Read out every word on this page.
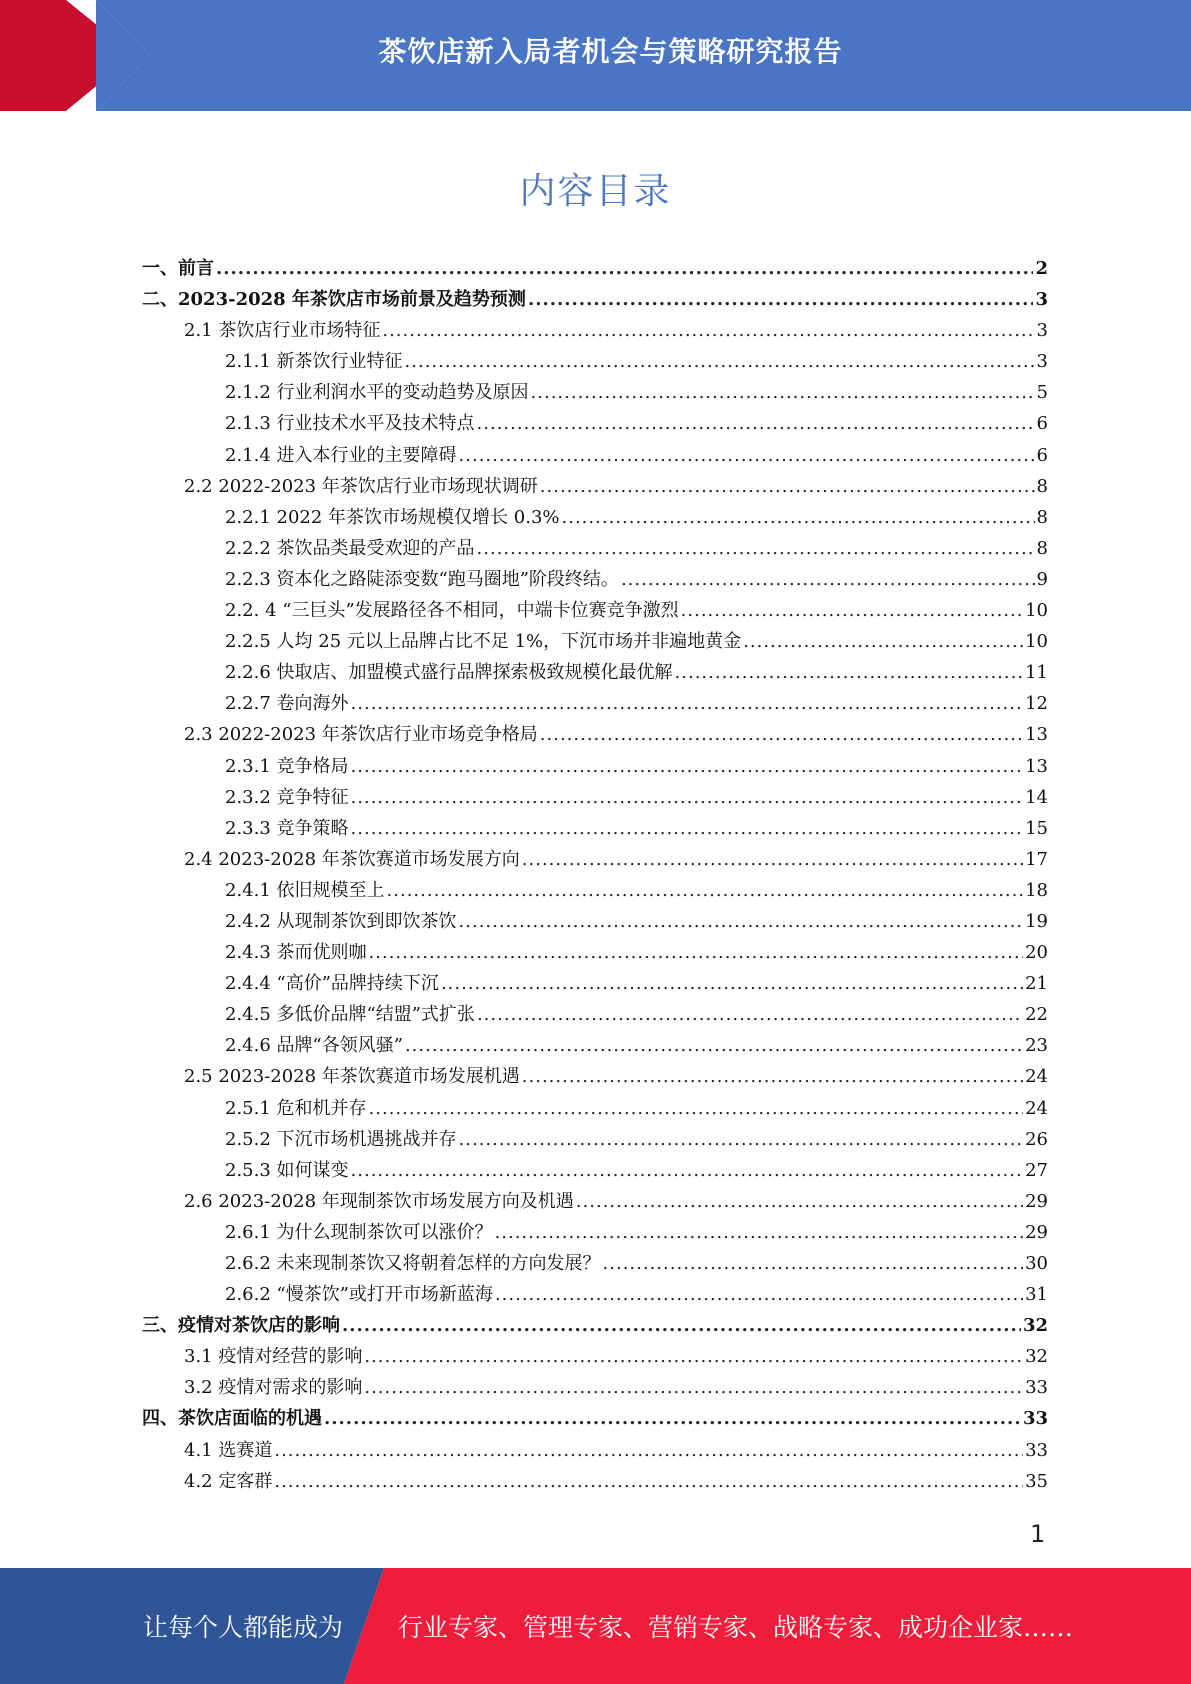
茶饮店新入局者机会与策略研究报告
内容目录
一、前言 .....	2
二、2023-2028 年茶饮店市场前景及趋势预测 .....	3
2.1 茶饮店行业市场特征 .....	3
2.1.1 新茶饮行业特征 .....	3
2.1.2 行业利润水平的变动趋势及原因 .....	5
2.1.3 行业技术水平及技术特点 .....	6
2.1.4 进入本行业的主要障碍 .....	6
2.2 2022-2023 年茶饮店行业市场现状调研 .....	8
2.2.1 2022 年茶饮市场规模仅增长 0.3% .....	8
2.2.2 茶饮品类最受欢迎的产品 .....	8
2.2.3 资本化之路陡添变数“跑马圈地”阶段终结。 .....	9
2.2. 4 “三巨头”发展路径各不相同，中端卡位赛竞争激烈 .....	10
2.2.5 人均 25 元以上品牌占比不足 1%，下沉市场并非遍地黄金 .....	10
2.2.6 快取店、加盟模式盛行品牌探索极致规模化最优解 .....	11
2.2.7 卷向海外 .....	12
2.3 2022-2023 年茶饮店行业市场竞争格局 .....	13
2.3.1 竞争格局 .....	13
2.3.2 竞争特征 .....	14
2.3.3 竞争策略 .....	15
2.4 2023-2028 年茶饮赛道市场发展方向 .....	17
2.4.1 依旧规模至上 .....	18
2.4.2 从现制茶饮到即饮茶饮 .....	19
2.4.3 茶而优则咖 .....	20
2.4.4 “高价”品牌持续下沉 .....	21
2.4.5 多低价品牌“结盟”式扩张 .....	22
2.4.6 品牌“各领风骚” .....	23
2.5 2023-2028 年茶饮赛道市场发展机遇 .....	24
2.5.1 危和机并存 .....	24
2.5.2 下沉市场机遇挑战并存 .....	26
2.5.3 如何谋变 .....	27
2.6 2023-2028 年现制茶饮市场发展方向及机遇 .....	29
2.6.1 为什么现制茶饮可以涨价？ .....	29
2.6.2 未来现制茶饮又将朝着怎样的方向发展？ .....	30
2.6.2 “慢茶饮”或打开市场新蓝海 .....	31
三、疫情对茶饮店的影响 .....	32
3.1 疫情对经营的影响 .....	32
3.2 疫情对需求的影响 .....	33
四、茶饮店面临的机遇 .....	33
4.1 选赛道 .....	33
4.2 定客群 .....	35
1
让每个人都能成为 行业专家、管理专家、营销专家、战略专家、成功企业家……
